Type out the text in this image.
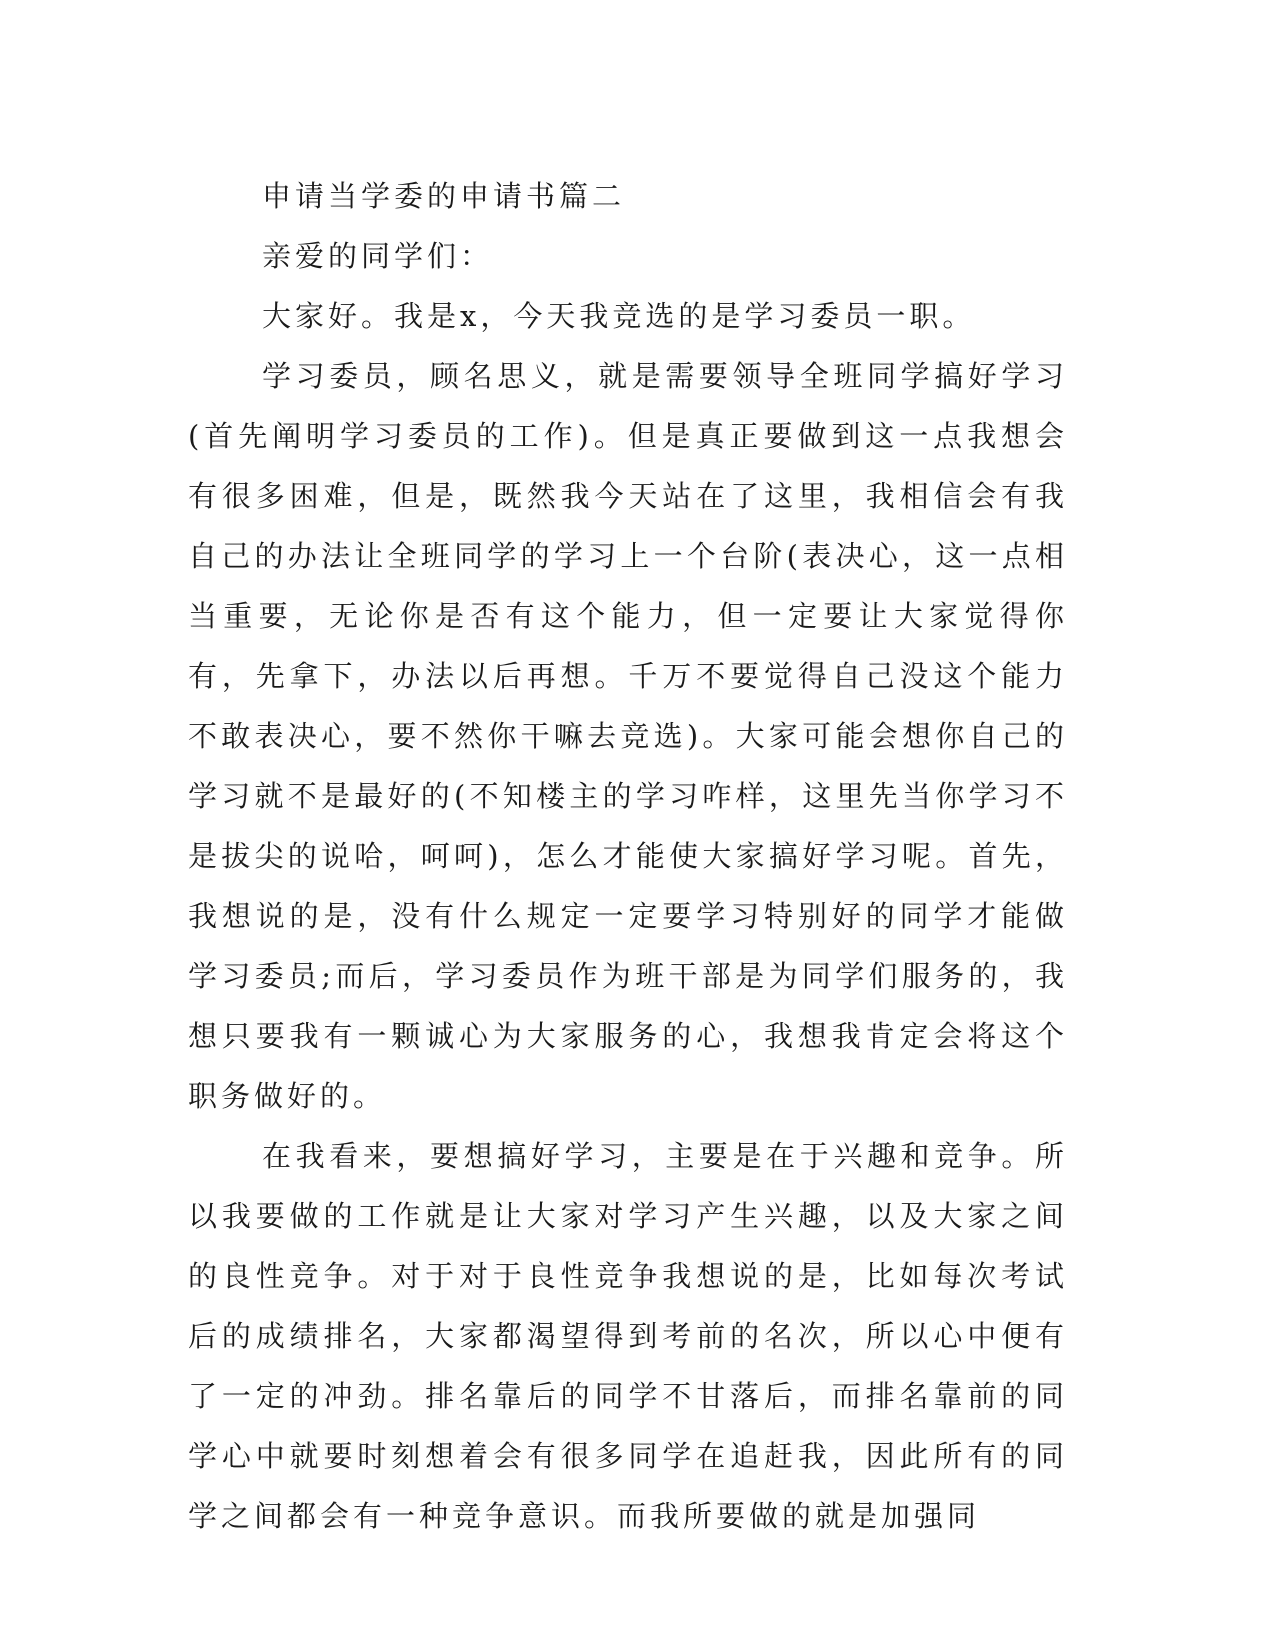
申请当学委的申请书篇二

亲爱的同学们：

大家好。我是x，今天我竞选的是学习委员一职。

学习委员，顾名思义，就是需要领导全班同学搞好学习(首先阐明学习委员的工作)。但是真正要做到这一点我想会有很多困难，但是，既然我今天站在了这里，我相信会有我自己的办法让全班同学的学习上一个台阶(表决心，这一点相当重要，无论你是否有这个能力，但一定要让大家觉得你有，先拿下，办法以后再想。千万不要觉得自己没这个能力不敢表决心，要不然你干嘛去竞选)。大家可能会想你自己的学习就不是最好的(不知楼主的学习咋样，这里先当你学习不是拔尖的说哈，呵呵)，怎么才能使大家搞好学习呢。首先，我想说的是，没有什么规定一定要学习特别好的同学才能做学习委员;而后，学习委员作为班干部是为同学们服务的，我想只要我有一颗诚心为大家服务的心，我想我肯定会将这个职务做好的。

在我看来，要想搞好学习，主要是在于兴趣和竞争。所以我要做的工作就是让大家对学习产生兴趣，以及大家之间的良性竞争。对于对于良性竞争我想说的是，比如每次考试后的成绩排名，大家都渴望得到考前的名次，所以心中便有了一定的冲劲。排名靠后的同学不甘落后，而排名靠前的同学心中就要时刻想着会有很多同学在追赶我，因此所有的同学之间都会有一种竞争意识。而我所要做的就是加强同
